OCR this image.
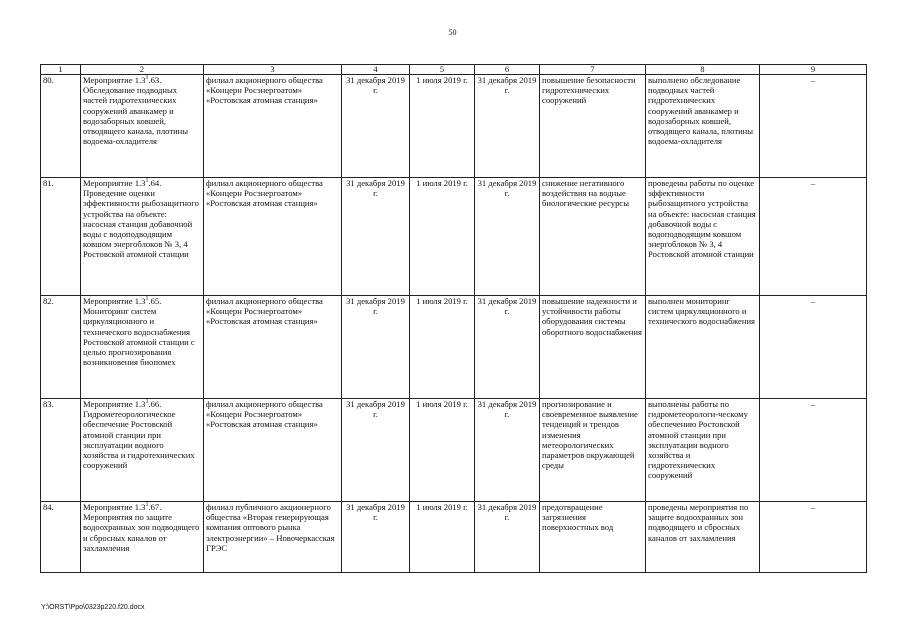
50
1	2	3	4	5	6	7	8	9
80.	Мероприятие $1.3^1.63$. Обследование подводных частей гидротехнических сооружений аванкамер и водозаборных ковшей, отводящего канала, плотины водоема-охладителя	филиал акционерного общества «Концерн Росэнергоатом» «Ростовская атомная станция»	31 декабря 2019 г.	1 июля 2019 г.	31 декабря 2019 г.	повышение безопасности гидротехнических сооружений	выполнено обследование подводных частей гидротехнических сооружений аванкамер и водозаборных ковшей, отводящего канала, плотины водоема-охладителя	–
81.	Мероприятие $1.3^1.64$. Проведение оценки эффективности рыбозащитного устройства на объекте: насосная станция добавочной воды с водоподводящим ковшом энергоблоков № 3, 4 Ростовской атомной станции	филиал акционерного общества «Концерн Росэнергоатом» «Ростовская атомная станция»	31 декабря 2019 г.	1 июля 2019 г.	31 декабря 2019 г.	снижение негативного воздействия на водные биологические ресурсы	проведены работы по оценке эффективности рыбозащитного устройства на объекте: насосная станция добавочной воды с водоподводящим ковшом энергоблоков № 3, 4 Ростовской атомной станции	–
82.	Мероприятие $1.3^1.65$. Мониторинг систем циркуляционного и технического водоснабжения Ростовской атомной станции с целью прогнозирования возникновения биопомех	филиал акционерного общества «Концерн Росэнергоатом» «Ростовская атомная станция»	31 декабря 2019 г.	1 июля 2019 г.	31 декабря 2019 г.	повышение надежности и устойчивости работы оборудования системы оборотного водоснабжения	выполнен мониторинг систем циркуляционного и технического водоснабжения	–
83.	Мероприятие $1.3^1.66$. Гидрометеорологическое обеспечение Ростовской атомной станции при эксплуатации водного хозяйства и гидротехнических сооружений	филиал акционерного общества «Концерн Росэнергоатом» «Ростовская атомная станция»	31 декабря 2019 г.	1 июля 2019 г.	31 декабря 2019 г.	прогнозирование и своевременное выявление тенденций и трендов изменения метеорологических параметров окружающей среды	выполнены работы по гидрометеорологи-ческому обеспечению Ростовской атомной станции при эксплуатации водного хозяйства и гидротехнических сооружений	–
84.	Мероприятие $1.3^1.67$. Мероприятия по защите водоохранных зон подводящего и сбросных каналов от захламления	филиал публичного акционерного общества «Вторая генерирующая компания оптового рынка электроэнергии» – Новочеркасская ГРЭС	31 декабря 2019 г.	1 июля 2019 г.	31 декабря 2019 г.	предотвращение загрязнения поверхностных вод	проведены мероприятия по защите водоохранных зон подводящего и сбросных каналов от захламления	–
Y:\ORST\Ppo\0323p220.f20.docx
